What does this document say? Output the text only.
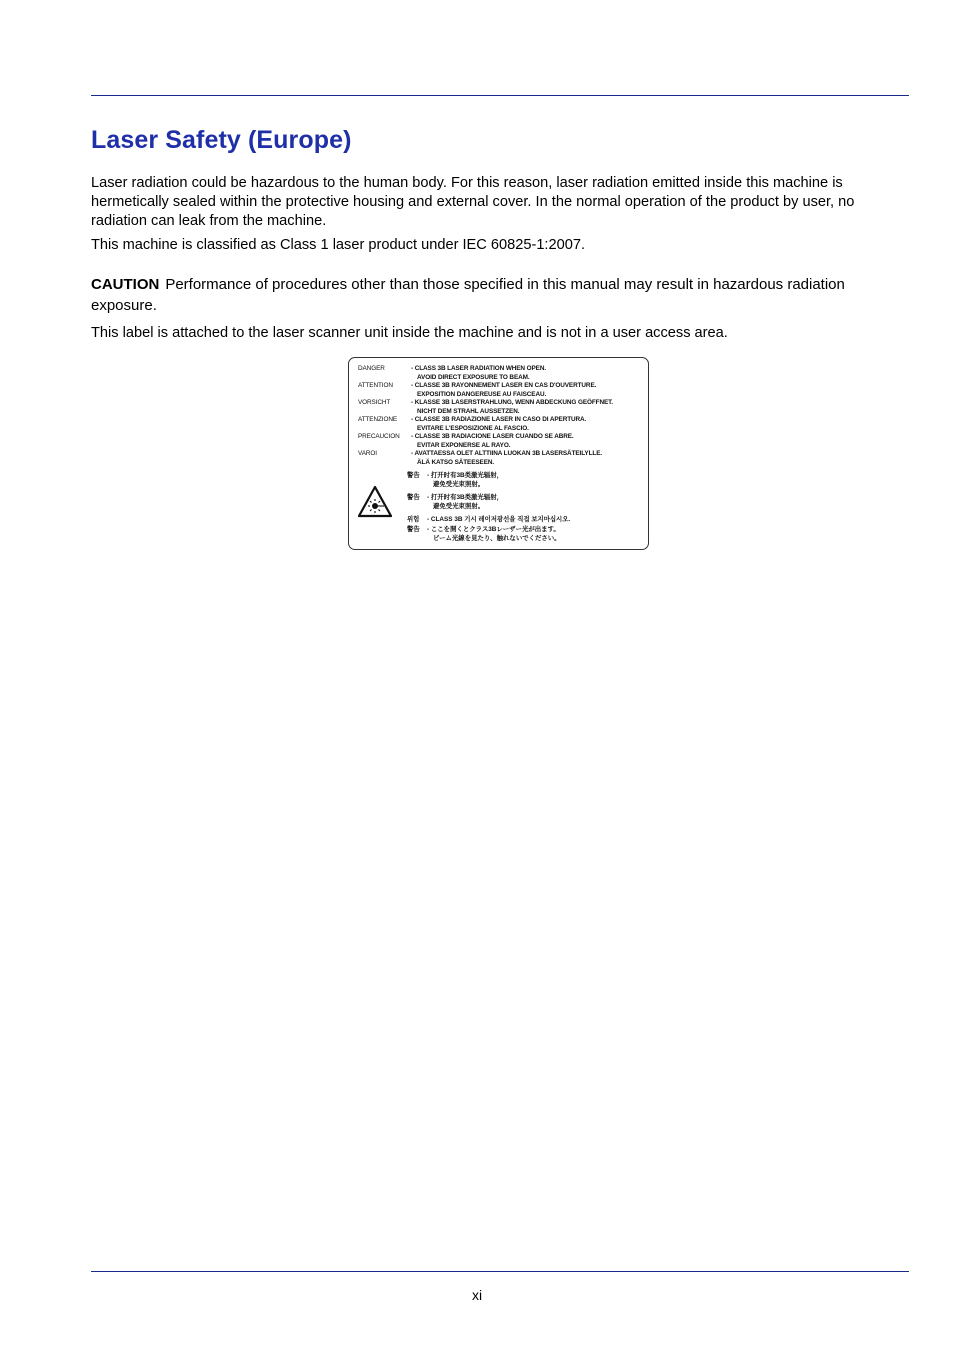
Laser Safety (Europe)

Laser radiation could be hazardous to the human body. For this reason, laser radiation emitted inside this machine is hermetically sealed within the protective housing and external cover. In the normal operation of the product by user, no radiation can leak from the machine.

This machine is classified as Class 1 laser product under IEC 60825-1:2007.

CAUTION Performance of procedures other than those specified in this manual may result in hazardous radiation exposure.

This label is attached to the laser scanner unit inside the machine and is not in a user access area.

DANGER	- CLASS 3B LASER RADIATION WHEN OPEN.
AVOID DIRECT EXPOSURE TO BEAM.
ATTENTION	- CLASSE 3B RAYONNEMENT LASER EN CAS D'OUVERTURE.
EXPOSITION DANGEREUSE AU FAISCEAU.
VORSICHT	- KLASSE 3B LASERSTRAHLUNG, WENN ABDECKUNG GEÖFFNET.
NICHT DEM STRAHL AUSSETZEN.
ATTENZIONE - CLASSE 3B RADIAZIONE LASER IN CASO DI APERTURA.
EVITARE L'ESPOSIZIONE AL FASCIO.
PRECAUCION - CLASSE 3B RADIACIONE LASER CUANDO SE ABRE.
EVITAR EXPONERSE AL RAYO.
VAROI	- AVATTAESSA OLET ALTTIINA LUOKAN 3B LASERSÄTEILYLLE.
ÄLÄ KATSO SÄTEESEEN.
警告 - 打开时有3B类激光辐射，
避免受光束照射。
警告 - 打开时有3B类激光辐射，
避免受光束照射。
위험 - CLASS 3B 기시 레이저광선을 직접 보지마십시오.
警告 - ここを開くとクラス3Bレーザー光が出ます。
ビーム光線を見たり、触れないでください。
xi
